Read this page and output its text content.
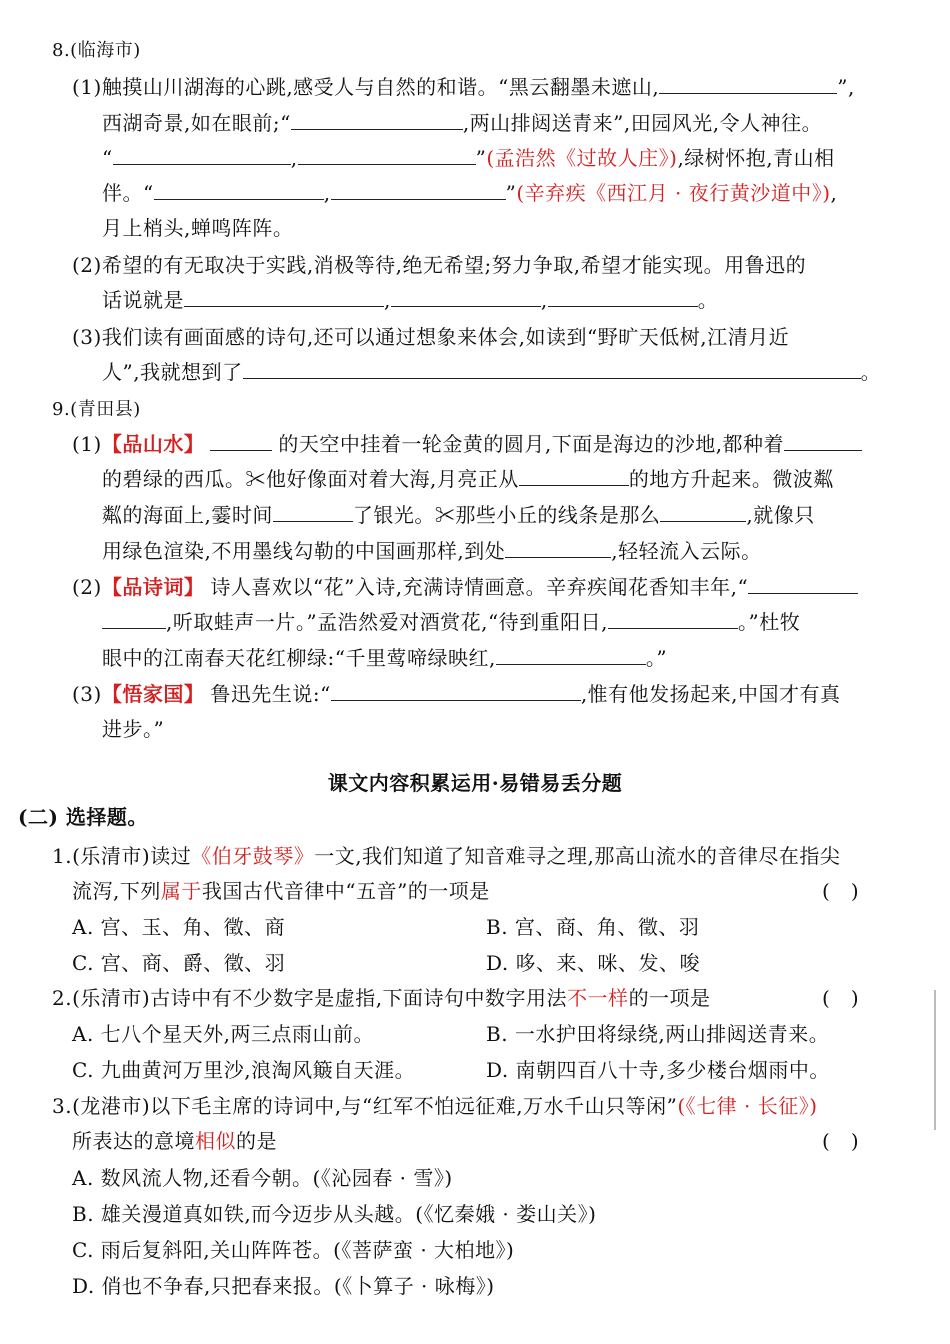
8.(临海市)
(1)触摸山川湖海的心跳,感受人与自然的和谐。“黑云翻墨未遮山,	”,
西湖奇景,如在眼前;“	,两山排闼送青来”,田园风光,令人神往。
“	,	”(孟浩然《过故人庄》),绿树怀抱,青山相
伴。“	,	”(辛弃疾《西江月 · 夜行黄沙道中》),
月上梢头,蝉鸣阵阵。
(2)希望的有无取决于实践,消极等待,绝无希望;努力争取,希望才能实现。用鲁迅的
话说就是	,	,	。
(3)我们读有画面感的诗句,还可以通过想象来体会,如读到“野旷天低树,江清月近
人”,我就想到了	。
9.(青田县)
(1)【品山水】	的天空中挂着一轮金黄的圆月,下面是海边的沙地,都种着
的碧绿的西瓜。✂他好像面对着大海,月亮正从	的地方升起来。微波粼
粼的海面上,霎时间	了银光。✂那些小丘的线条是那么	,就像只
用绿色渲染,不用墨线勾勒的中国画那样,到处	,轻轻流入云际。
(2)【品诗词】 诗人喜欢以“花”入诗,充满诗情画意。辛弃疾闻花香知丰年,“
,听取蛙声一片。”孟浩然爱对酒赏花,“待到重阳日,	。”杜牧
眼中的江南春天花红柳绿:“千里莺啼绿映红,	。”
(3)【悟家国】 鲁迅先生说:“	,惟有他发扬起来,中国才有真
进步。”
课文内容积累运用·易错易丢分题
(二) 选择题。
1.(乐清市)读过《伯牙鼓琴》一文,我们知道了知音难寻之理,那高山流水的音律尽在指尖
流泻,下列属于我国古代音律中“五音”的一项是	(   )
A. 宫、玉、角、徵、商	B. 宫、商、角、徵、羽
C. 宫、商、爵、徵、羽	D. 哆、来、咪、发、唆
2.(乐清市)古诗中有不少数字是虚指,下面诗句中数字用法不一样的一项是	(   )
A. 七八个星天外,两三点雨山前。	B. 一水护田将绿绕,两山排闼送青来。
C. 九曲黄河万里沙,浪淘风簸自天涯。	D. 南朝四百八十寺,多少楼台烟雨中。
3.(龙港市)以下毛主席的诗词中,与“红军不怕远征难,万水千山只等闲”(《七律 · 长征》)
所表达的意境相似的是	(   )
A. 数风流人物,还看今朝。(《沁园春 · 雪》)
B. 雄关漫道真如铁,而今迈步从头越。(《忆秦娥 · 娄山关》)
C. 雨后复斜阳,关山阵阵苍。(《菩萨蛮 · 大柏地》)
D. 俏也不争春,只把春来报。(《卜算子 · 咏梅》)
